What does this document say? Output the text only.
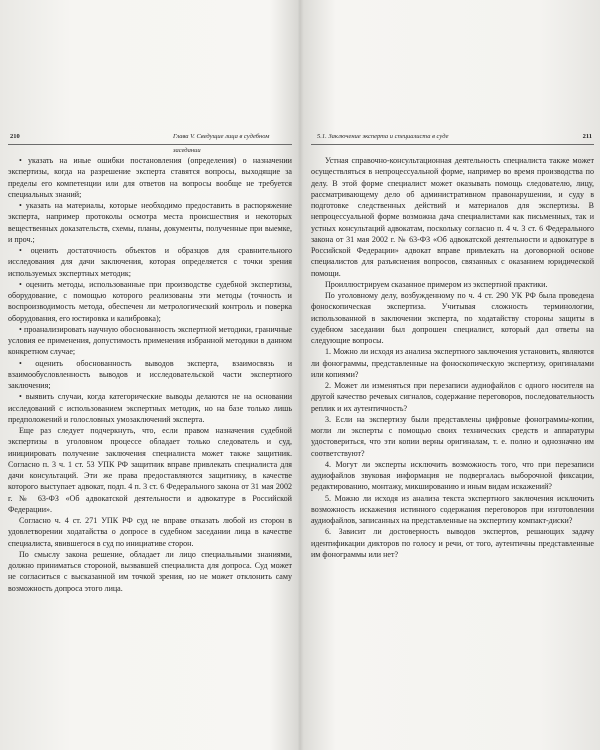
210	Глава V. Сведущие лица в судебном заседании

• указать на иные ошибки постановления (определения) о назначении экспертизы, когда на разрешение эксперта ставятся вопросы, выходящие за пределы его компетенции или для ответов на вопросы вообще не требуется специальных знаний;

• указать на материалы, которые необходимо предоставить в распоряжение эксперта, например протоколы осмотра места происшествия и некоторых вещественных доказательств, схемы, планы, документы, полученные при выемке, и проч.;

• оценить достаточность объектов и образцов для сравнительного исследования для дачи заключения, которая определяется с точки зрения используемых экспертных методик;

• оценить методы, использованные при производстве судебной экспертизы, оборудование, с помощью которого реализованы эти методы (точность и воспроизводимость метода, обеспечен ли метрологический контроль и поверка оборудования, его юстировка и калибровка);

• проанализировать научную обоснованность экспертной методики, граничные условия ее применения, допустимость применения избранной методики в данном конкретном случае;

• оценить обоснованность выводов эксперта, взаимосвязь и взаимообусловленность выводов и исследовательской части экспертного заключения;

• выявить случаи, когда категорические выводы делаются не на основании исследований с использованием экспертных методик, но на базе только лишь предположений и голословных умозаключений эксперта.

Еще раз следует подчеркнуть, что, если правом назначения судебной экспертизы в уголовном процессе обладает только следователь и суд, инициировать получение заключения специалиста может также защитник. Согласно п. 3 ч. 1 ст. 53 УПК РФ защитник вправе привлекать специалиста для дачи консультаций. Эти же права предоставляются защитнику, в качестве которого выступает адвокат, подп. 4 п. 3 ст. 6 Федерального закона от 31 мая 2002 г. № 63-ФЗ «Об адвокатской деятельности и адвокатуре в Российской Федерации».

Согласно ч. 4 ст. 271 УПК РФ суд не вправе отказать любой из сторон в удовлетворении ходатайства о допросе в судебном заседании лица в качестве специалиста, явившегося в суд по инициативе сторон.

По смыслу закона решение, обладает ли лицо специальными знаниями, должно приниматься стороной, вызвавшей специалиста для допроса. Суд может не согласиться с высказанной им точкой зрения, но не может отклонить саму возможность допроса этого лица.

5.1. Заключение эксперта и специалиста в суде	211

Устная справочно-консультационная деятельность специалиста также может осуществляться в непроцессуальной форме, например во время производства по делу. В этой форме специалист может оказывать помощь следователю, лицу, рассматривающему дело об административном правонарушении, и суду в подготовке следственных действий и материалов для экспертизы. В непроцессуальной форме возможна дача специалистами как письменных, так и устных консультаций адвокатам, поскольку согласно п. 4 ч. 3 ст. 6 Федерального закона от 31 мая 2002 г. № 63-ФЗ «Об адвокатской деятельности и адвокатуре в Российской Федерации» адвокат вправе привлекать на договорной основе специалистов для разъяснения вопросов, связанных с оказанием юридической помощи.

Проиллюстрируем сказанное примером из экспертной практики.

По уголовному делу, возбужденному по ч. 4 ст. 290 УК РФ была проведена фоноскопическая экспертиза. Учитывая сложность терминологии, использованной в заключении эксперта, по ходатайству стороны защиты в судебном заседании был допрошен специалист, который дал ответы на следующие вопросы.

1. Можно ли исходя из анализа экспертного заключения установить, являются ли фонограммы, представленные на фоноскопическую экспертизу, оригиналами или копиями?

2. Может ли изменяться при перезаписи аудиофайлов с одного носителя на другой качество речевых сигналов, содержание переговоров, последовательность реплик и их аутентичность?

3. Если на экспертизу были представлены цифровые фонограммы-копии, могли ли эксперты с помощью своих технических средств и аппаратуры удостовериться, что эти копии верны оригиналам, т. е. полно и однозначно им соответствуют?

4. Могут ли эксперты исключить возможность того, что при перезаписи аудиофайлов звуковая информация не подвергалась выборочной фиксации, редактированию, монтажу, микшированию и иным видам искажений?

5. Можно ли исходя из анализа текста экспертного заключения исключить возможность искажения истинного содержания переговоров при изготовлении аудиофайлов, записанных на представленные на экспертизу компакт-диски?

6. Зависит ли достоверность выводов экспертов, решающих задачу идентификации дикторов по голосу и речи, от того, аутентичны представленные им фонограммы или нет?
